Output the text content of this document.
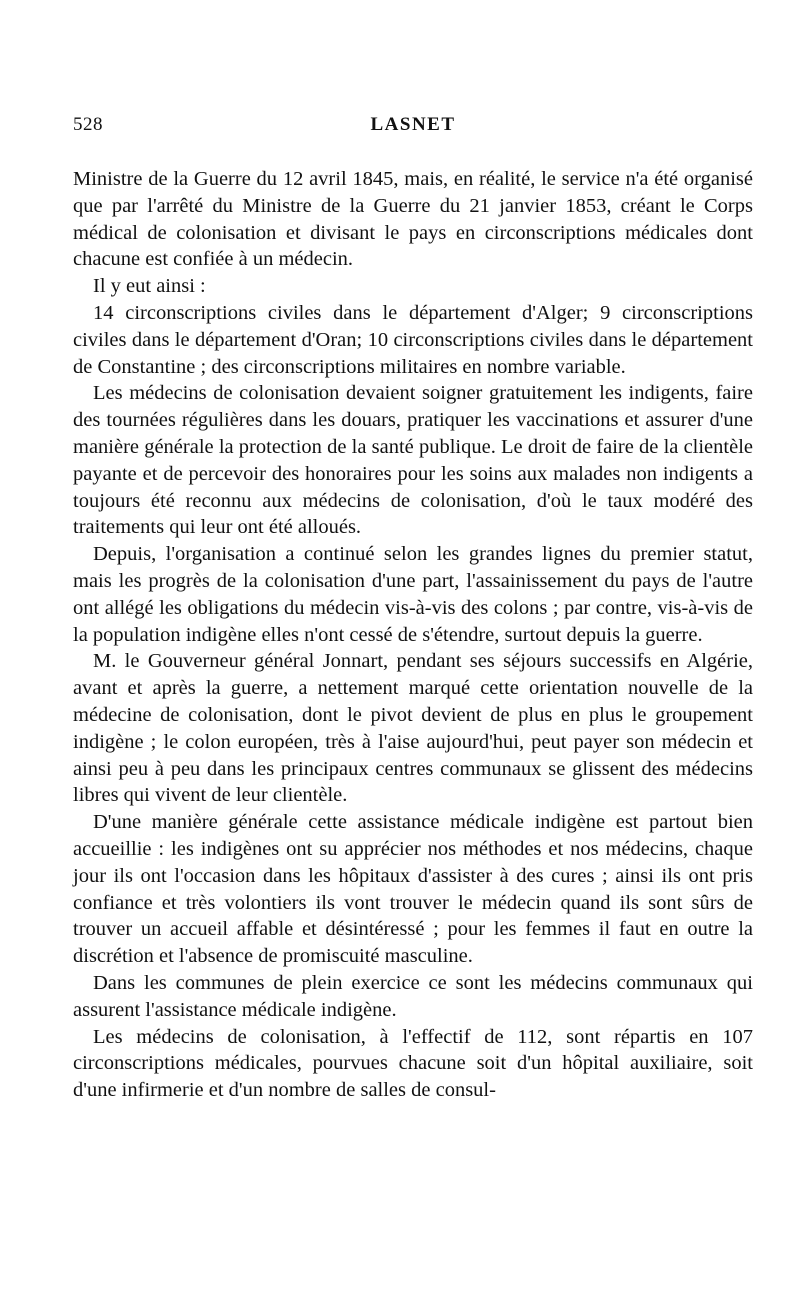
528	LASNET

Ministre de la Guerre du 12 avril 1845, mais, en réalité, le service n'a été organisé que par l'arrêté du Ministre de la Guerre du 21 janvier 1853, créant le Corps médical de colonisation et divisant le pays en circonscriptions médicales dont chacune est confiée à un médecin.

Il y eut ainsi :

14 circonscriptions civiles dans le département d'Alger; 9 circonscriptions civiles dans le département d'Oran; 10 circonscriptions civiles dans le département de Constantine ; des circonscriptions militaires en nombre variable.

Les médecins de colonisation devaient soigner gratuitement les indigents, faire des tournées régulières dans les douars, pratiquer les vaccinations et assurer d'une manière générale la protection de la santé publique. Le droit de faire de la clientèle payante et de percevoir des honoraires pour les soins aux malades non indigents a toujours été reconnu aux médecins de colonisation, d'où le taux modéré des traitements qui leur ont été alloués.

Depuis, l'organisation a continué selon les grandes lignes du premier statut, mais les progrès de la colonisation d'une part, l'assainissement du pays de l'autre ont allégé les obligations du médecin vis-à-vis des colons ; par contre, vis-à-vis de la population indigène elles n'ont cessé de s'étendre, surtout depuis la guerre.

M. le Gouverneur général Jonnart, pendant ses séjours successifs en Algérie, avant et après la guerre, a nettement marqué cette orientation nouvelle de la médecine de colonisation, dont le pivot devient de plus en plus le groupement indigène ; le colon européen, très à l'aise aujourd'hui, peut payer son médecin et ainsi peu à peu dans les principaux centres communaux se glissent des médecins libres qui vivent de leur clientèle.

D'une manière générale cette assistance médicale indigène est partout bien accueillie : les indigènes ont su apprécier nos méthodes et nos médecins, chaque jour ils ont l'occasion dans les hôpitaux d'assister à des cures ; ainsi ils ont pris confiance et très volontiers ils vont trouver le médecin quand ils sont sûrs de trouver un accueil affable et désintéressé ; pour les femmes il faut en outre la discrétion et l'absence de promiscuité masculine.

Dans les communes de plein exercice ce sont les médecins communaux qui assurent l'assistance médicale indigène.

Les médecins de colonisation, à l'effectif de 112, sont répartis en 107 circonscriptions médicales, pourvues chacune soit d'un hôpital auxiliaire, soit d'une infirmerie et d'un nombre de salles de consul-
